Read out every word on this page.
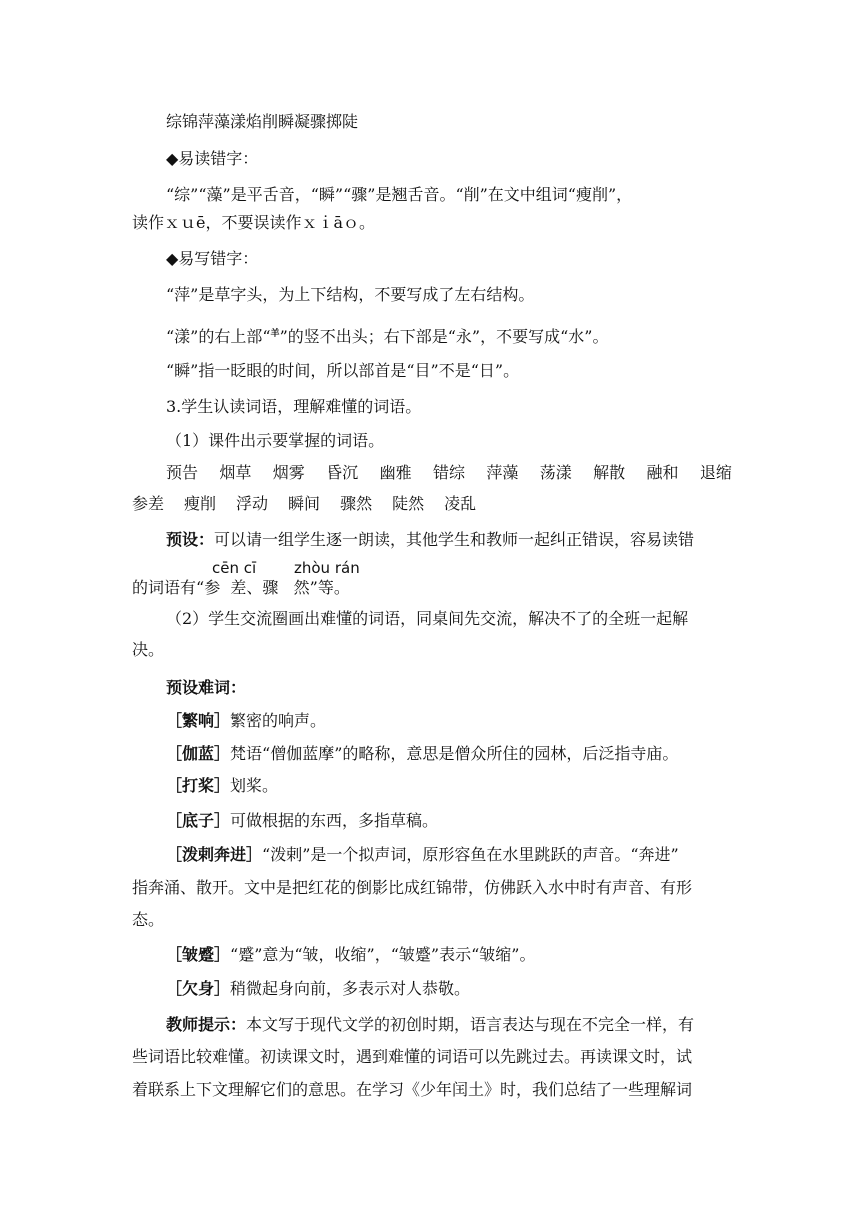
综锦萍藻漾焰削瞬凝骤掷陡
◆易读错字：
“综”“藻”是平舌音，“瞬”“骤”是翘舌音。“削”在文中组词“瘦削”，
读作ｘｕē，不要误读作ｘｉāｏ。
◆易写错字：
“萍”是草字头，为上下结构，不要写成了左右结构。
“漾”的右上部“羊”的竖不出头；右下部是“永”，不要写成“水”。
“瞬”指一眨眼的时间，所以部首是“目”不是“日”。
3.学生认读词语，理解难懂的词语。
（1）课件出示要掌握的词语。
预告 烟草 烟雾 昏沉 幽雅 错综 萍藻 荡漾 解散 融和 退缩
参差 瘦削 浮动 瞬间 骤然 陡然 凌乱
预设：可以请一组学生逐一朗读，其他学生和教师一起纠正错误，容易读错
cēn cī	zhòu rán
的词语有“参  差、骤   然”等。
（2）学生交流圈画出难懂的词语，同桌间先交流，解决不了的全班一起解
决。
预设难词：
［繁响］繁密的响声。
［伽蓝］梵语“僧伽蓝摩”的略称，意思是僧众所住的园林，后泛指寺庙。
［打桨］划桨。
［底子］可做根据的东西，多指草稿。
［泼剌奔进］“泼剌”是一个拟声词，原形容鱼在水里跳跃的声音。“奔进”
指奔涌、散开。文中是把红花的倒影比成红锦带，仿佛跃入水中时有声音、有形
态。
［皱蹙］“蹙”意为“皱，收缩”，“皱蹙”表示“皱缩”。
［欠身］稍微起身向前，多表示对人恭敬。
教师提示：本文写于现代文学的初创时期，语言表达与现在不完全一样，有
些词语比较难懂。初读课文时，遇到难懂的词语可以先跳过去。再读课文时，试
着联系上下文理解它们的意思。在学习《少年闰土》时，我们总结了一些理解词
